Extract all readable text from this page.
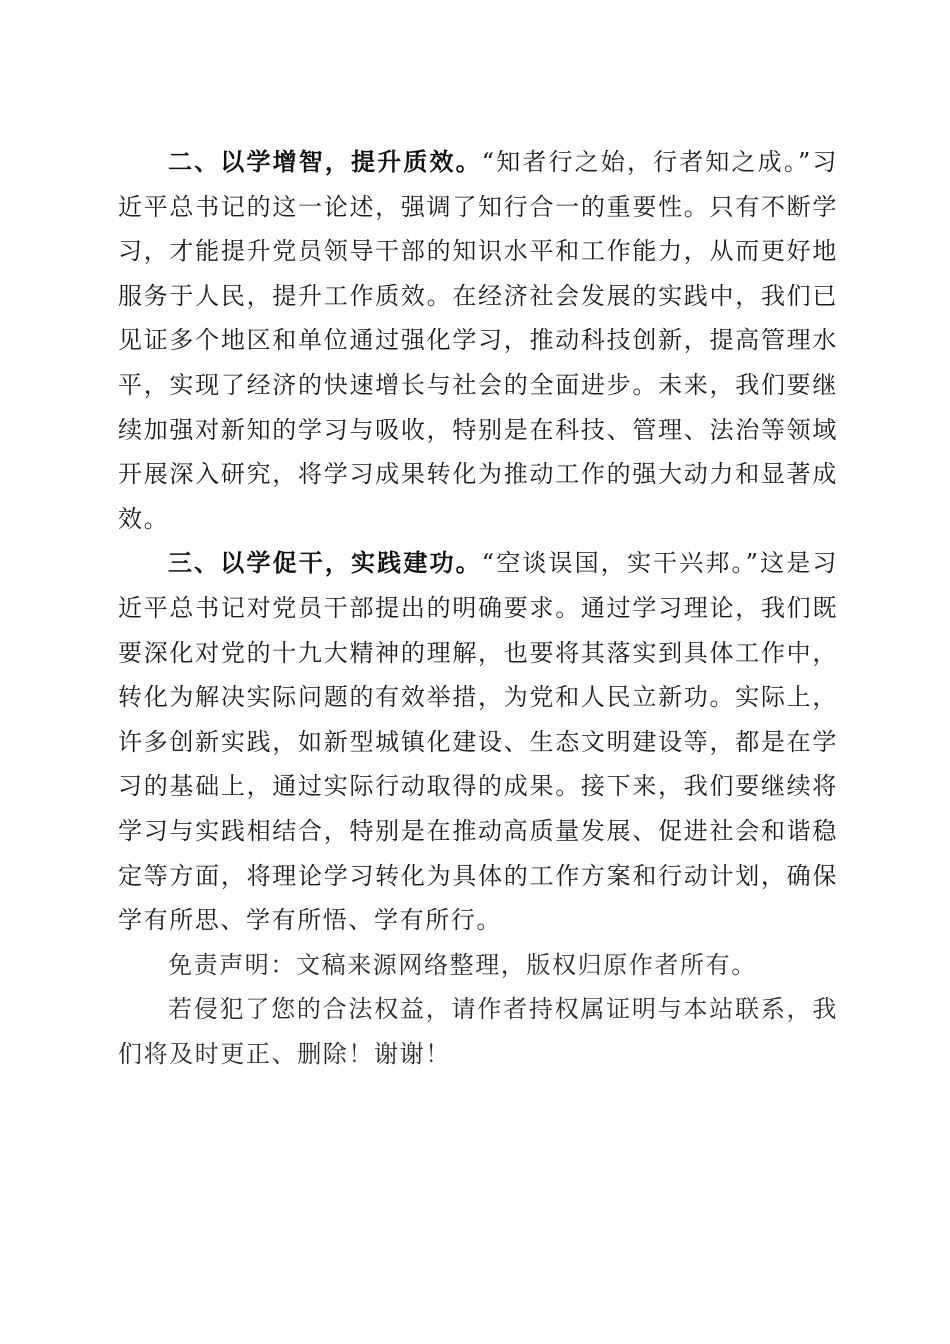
二、以学增智，提升质效。“知者行之始，行者知之成。”习近平总书记的这一论述，强调了知行合一的重要性。只有不断学习，才能提升党员领导干部的知识水平和工作能力，从而更好地服务于人民，提升工作质效。在经济社会发展的实践中，我们已见证多个地区和单位通过强化学习，推动科技创新，提高管理水平，实现了经济的快速增长与社会的全面进步。未来，我们要继续加强对新知的学习与吸收，特别是在科技、管理、法治等领域开展深入研究，将学习成果转化为推动工作的强大动力和显著成效。

三、以学促干，实践建功。“空谈误国，实干兴邦。”这是习近平总书记对党员干部提出的明确要求。通过学习理论，我们既要深化对党的十九大精神的理解，也要将其落实到具体工作中，转化为解决实际问题的有效举措，为党和人民立新功。实际上，许多创新实践，如新型城镇化建设、生态文明建设等，都是在学习的基础上，通过实际行动取得的成果。接下来，我们要继续将学习与实践相结合，特别是在推动高质量发展、促进社会和谐稳定等方面，将理论学习转化为具体的工作方案和行动计划，确保学有所思、学有所悟、学有所行。

免责声明：文稿来源网络整理，版权归原作者所有。

若侵犯了您的合法权益，请作者持权属证明与本站联系，我们将及时更正、删除！谢谢！
